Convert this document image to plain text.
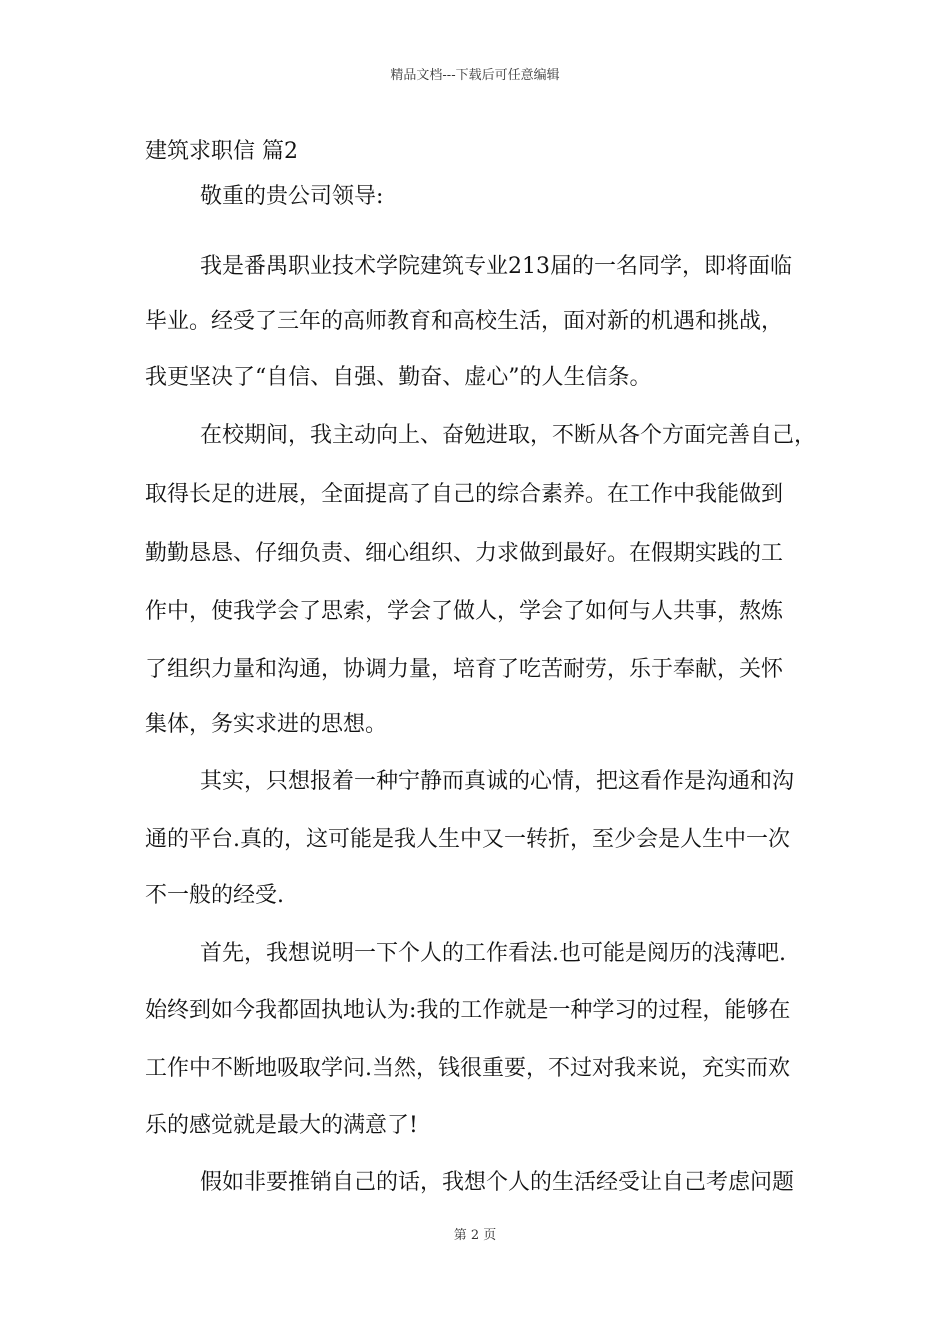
精品文档---下载后可任意编辑
建筑求职信 篇2
敬重的贵公司领导:
我是番禺职业技术学院建筑专业213届的一名同学，即将面临
毕业。经受了三年的高师教育和高校生活，面对新的机遇和挑战，
我更坚决了“自信、自强、勤奋、虚心”的人生信条。
在校期间，我主动向上、奋勉进取，不断从各个方面完善自己，
取得长足的进展，全面提高了自己的综合素养。在工作中我能做到
勤勤恳恳、仔细负责、细心组织、力求做到最好。在假期实践的工
作中，使我学会了思索，学会了做人，学会了如何与人共事，熬炼
了组织力量和沟通，协调力量，培育了吃苦耐劳，乐于奉献，关怀
集体，务实求进的思想。
其实，只想报着一种宁静而真诚的心情，把这看作是沟通和沟
通的平台.真的，这可能是我人生中又一转折，至少会是人生中一次
不一般的经受.
首先，我想说明一下个人的工作看法.也可能是阅历的浅薄吧.
始终到如今我都固执地认为:我的工作就是一种学习的过程，能够在
工作中不断地吸取学问.当然，钱很重要，不过对我来说，充实而欢
乐的感觉就是最大的满意了!
假如非要推销自己的话，我想个人的生活经受让自己考虑问题
第 2 页
